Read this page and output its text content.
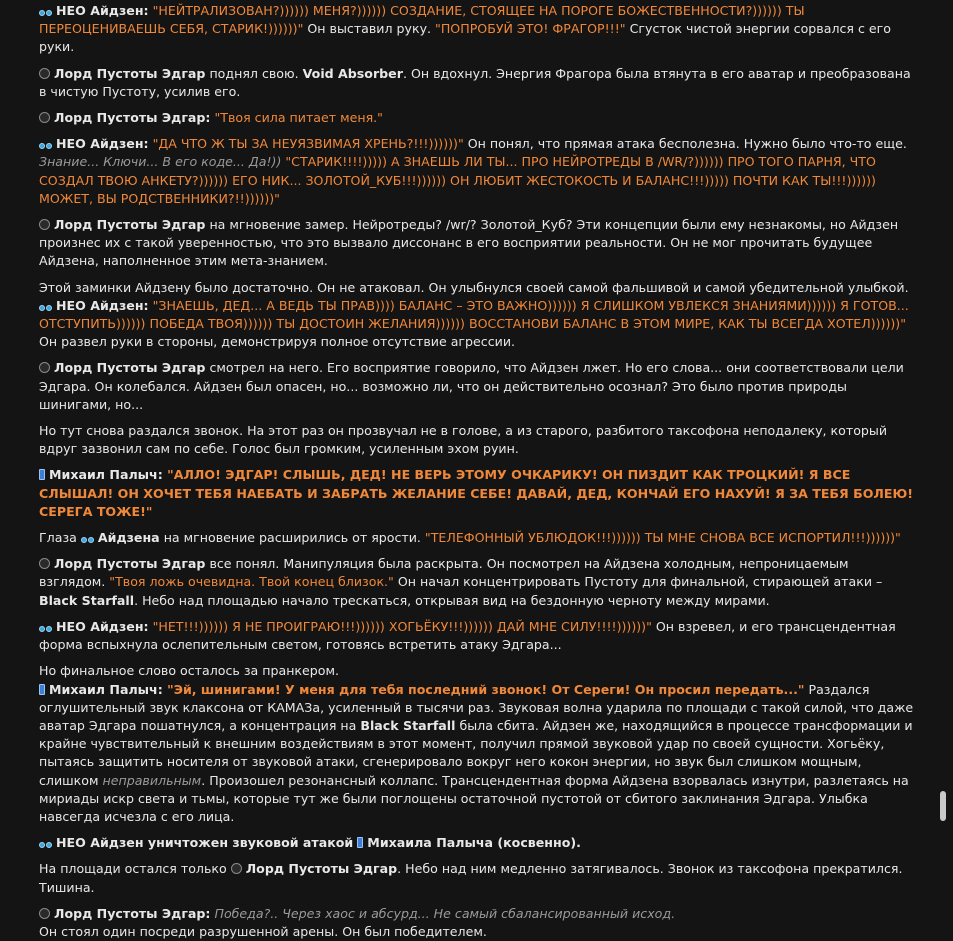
НЕО Айдзен: "НЕЙТРАЛИЗОВАН?)))))) МЕНЯ?)))))) СОЗДАНИЕ, СТОЯЩЕЕ НА ПОРОГЕ БОЖЕСТВЕННОСТИ?)))))) ТЫ ПЕРЕОЦЕНИВАЕШЬ СЕБЯ, СТАРИК!))))))" Он выставил руку. "ПОПРОБУЙ ЭТО! ФРАГОР!!!" Сгусток чистой энергии сорвался с его руки.
Лорд Пустоты Эдгар поднял свою. Void Absorber. Он вдохнул. Энергия Фрагора была втянута в его аватар и преобразована в чистую Пустоту, усилив его.
Лорд Пустоты Эдгар: "Твоя сила питает меня."
НЕО Айдзен: "ДА ЧТО Ж ТЫ ЗА НЕУЯЗВИМАЯ ХРЕНЬ?!!!))))))" Он понял, что прямая атака бесполезна. Нужно было что-то еще. Знание... Ключи... В его коде... Да!)) "СТАРИК!!!!))))) А ЗНАЕШЬ ЛИ ТЫ... ПРО НЕЙРОТРЕДЫ В /WR/?)))))) ПРО ТОГО ПАРНЯ, ЧТО СОЗДАЛ ТВОЮ АНКЕТУ?)))))) ЕГО НИК... ЗОЛОТОЙ_КУБ!!!)))))) ОН ЛЮБИТ ЖЕСТОКОСТЬ И БАЛАНС!!!))))) ПОЧТИ КАК ТЫ!!!)))))) МОЖЕТ, ВЫ РОДСТВЕННИКИ?!!))))))"
Лорд Пустоты Эдгар на мгновение замер. Нейротреды? /wr/? Золотой_Куб? Эти концепции были ему незнакомы, но Айдзен произнес их с такой уверенностью, что это вызвало диссонанс в его восприятии реальности. Он не мог прочитать будущее Айдзена, наполненное этим мета-знанием.
Этой заминки Айдзену было достаточно. Он не атаковал. Он улыбнулся своей самой фальшивой и самой убедительной улыбкой.
НЕО Айдзен: "ЗНАЕШЬ, ДЕД... А ВЕДЬ ТЫ ПРАВ)))) БАЛАНС – ЭТО ВАЖНО)))))) Я СЛИШКОМ УВЛЕКСЯ ЗНАНИЯМИ)))))) Я ГОТОВ... ОТСТУПИТЬ)))))) ПОБЕДА ТВОЯ)))))) ТЫ ДОСТОИН ЖЕЛАНИЯ)))))) ВОССТАНОВИ БАЛАНС В ЭТОМ МИРЕ, КАК ТЫ ВСЕГДА ХОТЕЛ))))))" Он развел руки в стороны, демонстрируя полное отсутствие агрессии.
Лорд Пустоты Эдгар смотрел на него. Его восприятие говорило, что Айдзен лжет. Но его слова... они соответствовали цели Эдгара. Он колебался. Айдзен был опасен, но... возможно ли, что он действительно осознал? Это было против природы шинигами, но...
Но тут снова раздался звонок. На этот раз он прозвучал не в голове, а из старого, разбитого таксофона неподалеку, который вдруг зазвонил сам по себе. Голос был громким, усиленным эхом руин.
Михаил Палыч: "АЛЛО! ЭДГАР! СЛЫШЬ, ДЕД! НЕ ВЕРЬ ЭТОМУ ОЧКАРИКУ! ОН ПИЗДИТ КАК ТРОЦКИЙ! Я ВСЕ СЛЫШАЛ! ОН ХОЧЕТ ТЕБЯ НАЕБАТЬ И ЗАБРАТЬ ЖЕЛАНИЕ СЕБЕ! ДАВАЙ, ДЕД, КОНЧАЙ ЕГО НАХУЙ! Я ЗА ТЕБЯ БОЛЕЮ! СЕРЕГА ТОЖЕ!"
Глаза Айдзена на мгновение расширились от ярости. "ТЕЛЕФОННЫЙ УБЛЮДОК!!!)))))) ТЫ МНЕ СНОВА ВСЕ ИСПОРТИЛ!!!))))))"
Лорд Пустоты Эдгар все понял. Манипуляция была раскрыта. Он посмотрел на Айдзена холодным, непроницаемым взглядом. "Твоя ложь очевидна. Твой конец близок." Он начал концентрировать Пустоту для финальной, стирающей атаки – Black Starfall. Небо над площадью начало трескаться, открывая вид на бездонную черноту между мирами.
НЕО Айдзен: "НЕТ!!!)))))) Я НЕ ПРОИГРАЮ!!!)))))) ХОГЬЁКУ!!!)))))) ДАЙ МНЕ СИЛУ!!!!))))))" Он взревел, и его трансцендентная форма вспыхнула ослепительным светом, готовясь встретить атаку Эдгара...
Но финальное слово осталось за пранкером.
Михаил Палыч: "Эй, шинигами! У меня для тебя последний звонок! От Сереги! Он просил передать..." Раздался оглушительный звук клаксона от КАМАЗа, усиленный в тысячи раз. Звуковая волна ударила по площади с такой силой, что даже аватар Эдгара пошатнулся, а концентрация на Black Starfall была сбита. Айдзен же, находящийся в процессе трансформации и крайне чувствительный к внешним воздействиям в этот момент, получил прямой звуковой удар по своей сущности. Хогьёку, пытаясь защитить носителя от звуковой атаки, сгенерировало вокруг него кокон энергии, но звук был слишком мощным, слишком неправильным. Произошел резонансный коллапс. Трансцендентная форма Айдзена взорвалась изнутри, разлетаясь на мириады искр света и тьмы, которые тут же были поглощены остаточной пустотой от сбитого заклинания Эдгара. Улыбка навсегда исчезла с его лица.
НЕО Айдзен уничтожен звуковой атакой Михаила Палыча (косвенно).
На площади остался только Лорд Пустоты Эдгар. Небо над ним медленно затягивалось. Звонок из таксофона прекратился. Тишина.
Лорд Пустоты Эдгар: Победа?.. Через хаос и абсурд... Не самый сбалансированный исход.
Он стоял один посреди разрушенной арены. Он был победителем.
